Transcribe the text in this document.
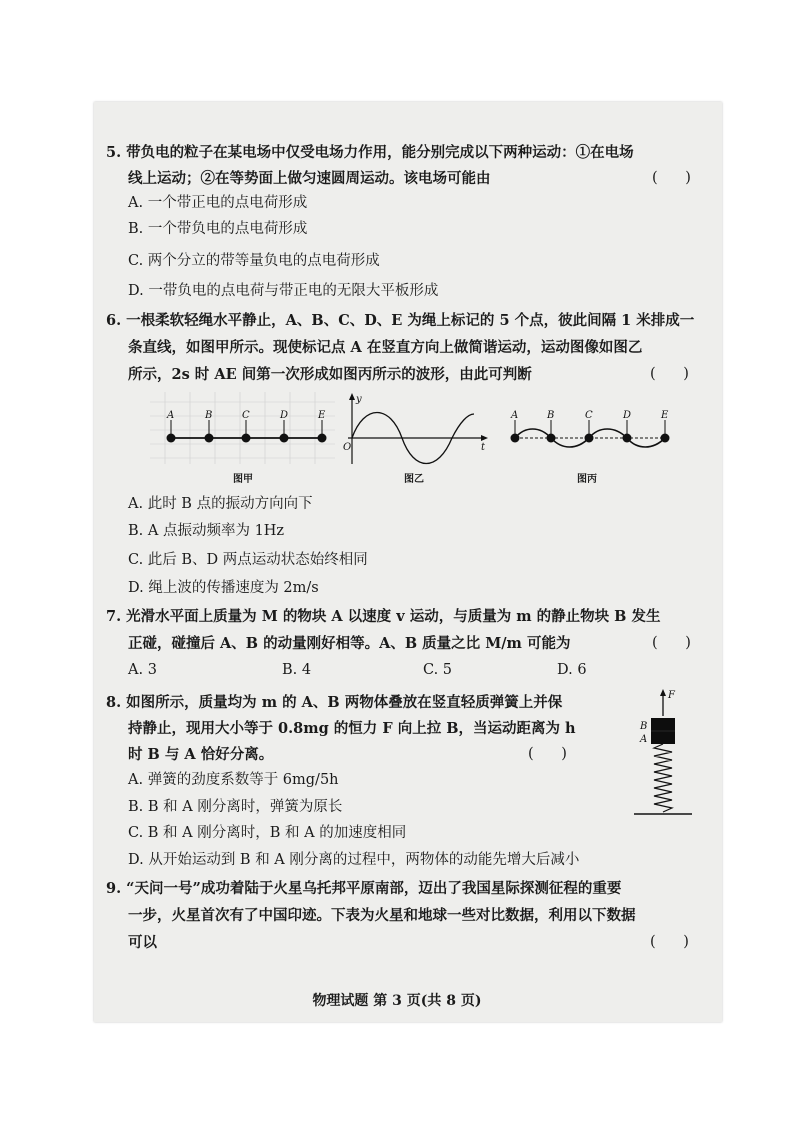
5. 带负电的粒子在某电场中仅受电场力作用，能分别完成以下两种运动：①在电场
线上运动；②在等势面上做匀速圆周运动。该电场可能由	(      )
A. 一个带正电的点电荷形成
B. 一个带负电的点电荷形成
C. 两个分立的带等量负电的点电荷形成
D. 一带负电的点电荷与带正电的无限大平板形成
6. 一根柔软轻绳水平静止，A、B、C、D、E 为绳上标记的 5 个点，彼此间隔 1 米排成一
条直线，如图甲所示。现使标记点 A 在竖直方向上做简谐运动，运动图像如图乙
所示，2s 时 AE 间第一次形成如图丙所示的波形，由此可判断	(      )
A	B	C	D	E
y
t
O
A	B	C	D	E
图甲	图乙	图丙
A. 此时 B 点的振动方向向下
B. A 点振动频率为 1Hz
C. 此后 B、D 两点运动状态始终相同
D. 绳上波的传播速度为 2m/s
7. 光滑水平面上质量为 M 的物块 A 以速度 v 运动，与质量为 m 的静止物块 B 发生
正碰，碰撞后 A、B 的动量刚好相等。A、B 质量之比 M/m 可能为	(      )
A. 3	B. 4	C. 5	D. 6
8. 如图所示，质量均为 m 的 A、B 两物体叠放在竖直轻质弹簧上并保
持静止，现用大小等于 0.8mg 的恒力 F 向上拉 B，当运动距离为 h
时 B 与 A 恰好分离。	(      )
F
B
A
A. 弹簧的劲度系数等于 6mg/5h
B. B 和 A 刚分离时，弹簧为原长
C. B 和 A 刚分离时，B 和 A 的加速度相同
D. 从开始运动到 B 和 A 刚分离的过程中，两物体的动能先增大后减小
9. “天问一号”成功着陆于火星乌托邦平原南部，迈出了我国星际探测征程的重要
一步，火星首次有了中国印迹。下表为火星和地球一些对比数据，利用以下数据
可以	(      )
物理试题 第 3 页(共 8 页)
